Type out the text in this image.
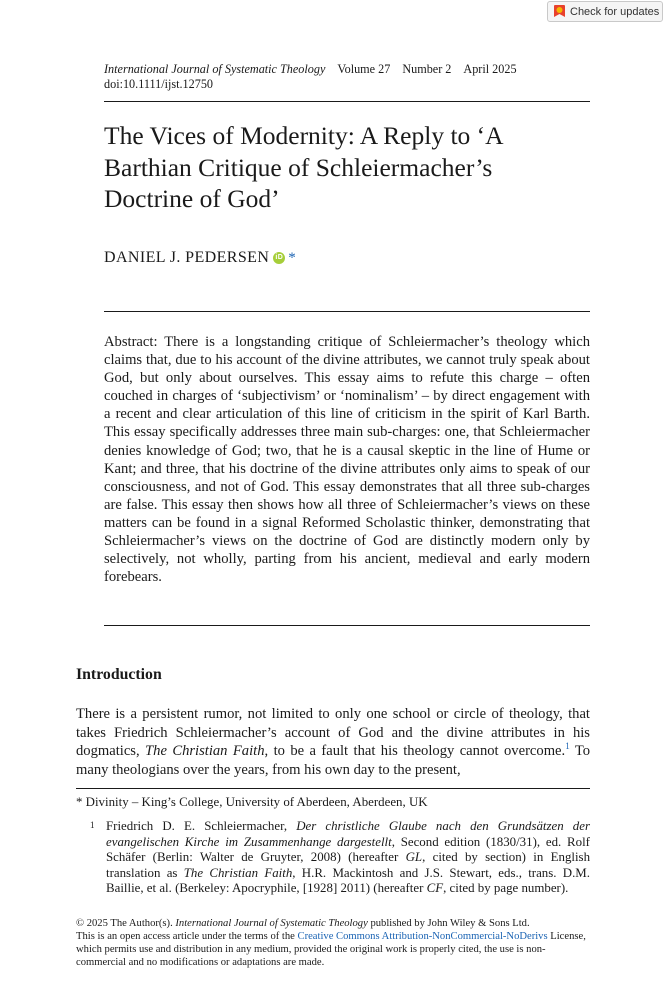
Check for updates
International Journal of Systematic Theology Volume 27 Number 2 April 2025
doi:10.1111/ijst.12750
The Vices of Modernity: A Reply to ‘A Barthian Critique of Schleiermacher’s Doctrine of God’
DANIEL J. PEDERSEN iD *

Abstract: There is a longstanding critique of Schleiermacher’s theology which claims that, due to his account of the divine attributes, we cannot truly speak about God, but only about ourselves. This essay aims to refute this charge – often couched in charges of ‘subjectivism’ or ‘nominalism’ – by direct engagement with a recent and clear articulation of this line of criticism in the spirit of Karl Barth. This essay specifically addresses three main sub-charges: one, that Schleiermacher denies knowledge of God; two, that he is a causal skeptic in the line of Hume or Kant; and three, that his doctrine of the divine attributes only aims to speak of our consciousness, and not of God. This essay demonstrates that all three sub-charges are false. This essay then shows how all three of Schleiermacher’s views on these matters can be found in a signal Reformed Scholastic thinker, demonstrating that Schleiermacher’s views on the doctrine of God are distinctly modern only by selectively, not wholly, parting from his ancient, medieval and early modern forebears.

Introduction

There is a persistent rumor, not limited to only one school or circle of theology, that takes Friedrich Schleiermacher’s account of God and the divine attributes in his dogmatics, The Christian Faith, to be a fault that his theology cannot overcome.$^1$ To many theologians over the years, from his own day to the present,

* Divinity – King’s College, University of Aberdeen, Aberdeen, UK
1 Friedrich D. E. Schleiermacher, Der christliche Glaube nach den Grundsätzen der evangelischen Kirche im Zusammenhange dargestellt, Second edition (1830/31), ed. Rolf Schäfer (Berlin: Walter de Gruyter, 2008) (hereafter GL, cited by section) in English translation as The Christian Faith, H.R. Mackintosh and J.S. Stewart, eds., trans. D.M. Baillie, et al. (Berkeley: Apocryphile, [1928] 2011) (hereafter CF, cited by page number).
© 2025 The Author(s). International Journal of Systematic Theology published by John Wiley & Sons Ltd.
This is an open access article under the terms of the Creative Commons Attribution-NonCommercial-NoDerivs License, which permits use and distribution in any medium, provided the original work is properly cited, the use is non-commercial and no modifications or adaptations are made.
